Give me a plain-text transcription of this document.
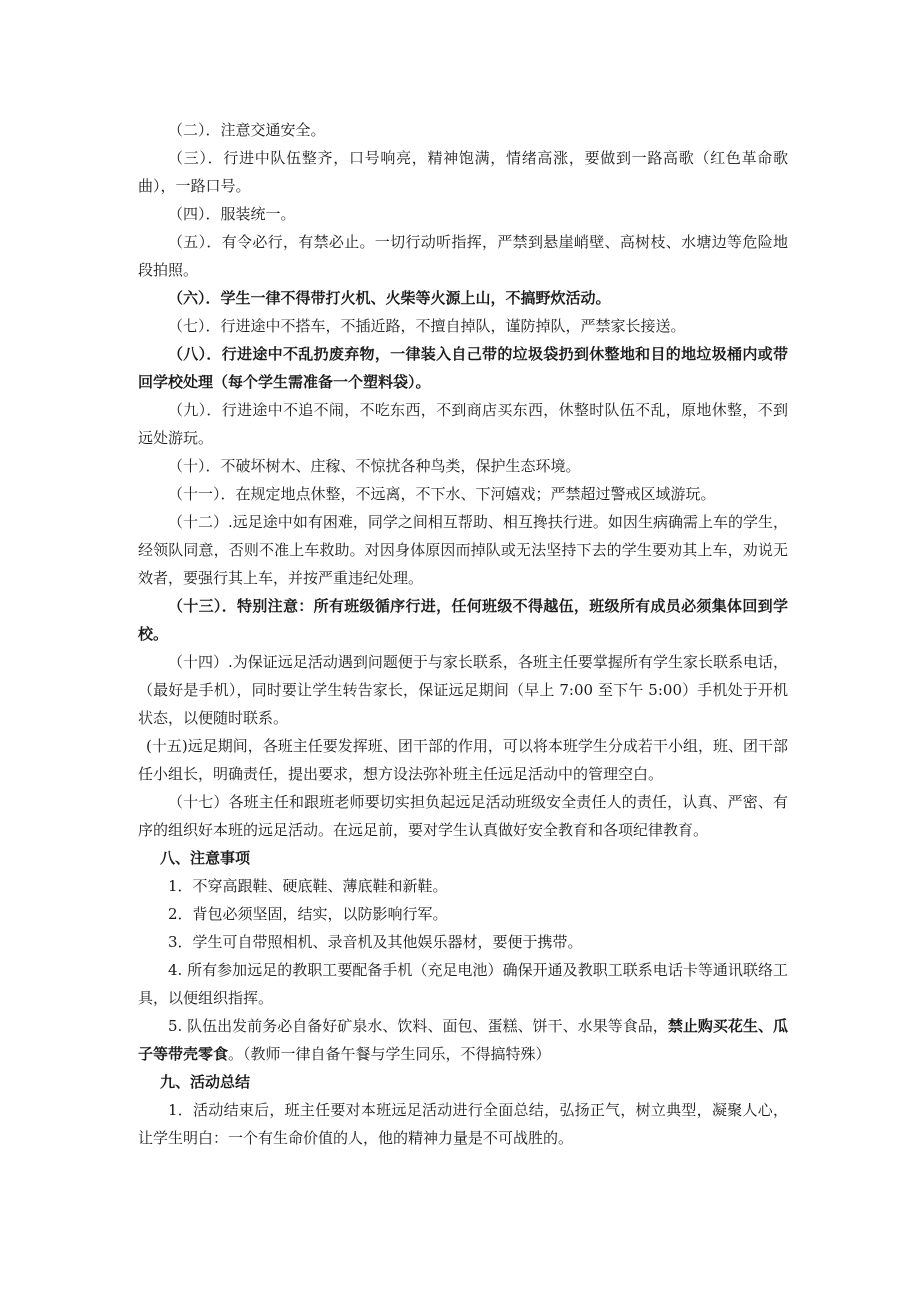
（二）．注意交通安全。

（三）．行进中队伍整齐，口号响亮，精神饱满，情绪高涨，要做到一路高歌（红色革命歌曲），一路口号。

（四）．服装统一。

（五）．有令必行，有禁必止。一切行动听指挥，严禁到悬崖峭壁、高树枝、水塘边等危险地段拍照。

（六）．学生一律不得带打火机、火柴等火源上山，不搞野炊活动。

（七）．行进途中不搭车，不插近路，不擅自掉队，谨防掉队，严禁家长接送。

（八）．行进途中不乱扔废弃物，一律装入自己带的垃圾袋扔到休整地和目的地垃圾桶内或带回学校处理（每个学生需准备一个塑料袋）。

（九）．行进途中不追不闹，不吃东西，不到商店买东西，休整时队伍不乱，原地休整，不到远处游玩。

（十）．不破坏树木、庄稼、不惊扰各种鸟类，保护生态环境。

（十一）．在规定地点休整，不远离，不下水、下河嬉戏；严禁超过警戒区域游玩。

（十二）.远足途中如有困难，同学之间相互帮助、相互搀扶行进。如因生病确需上车的学生，经领队同意，否则不准上车救助。对因身体原因而掉队或无法坚持下去的学生要劝其上车，劝说无效者，要强行其上车，并按严重违纪处理。

（十三）．特别注意：所有班级循序行进，任何班级不得越伍，班级所有成员必须集体回到学校。

（十四）.为保证远足活动遇到问题便于与家长联系，各班主任要掌握所有学生家长联系电话，（最好是手机），同时要让学生转告家长，保证远足期间（早上 7:00 至下午 5:00）手机处于开机状态，以便随时联系。

(十五)远足期间，各班主任要发挥班、团干部的作用，可以将本班学生分成若干小组，班、团干部任小组长，明确责任，提出要求，想方设法弥补班主任远足活动中的管理空白。

（十七）各班主任和跟班老师要切实担负起远足活动班级安全责任人的责任，认真、严密、有序的组织好本班的远足活动。在远足前，要对学生认真做好安全教育和各项纪律教育。

八、注意事项

1．不穿高跟鞋、硬底鞋、薄底鞋和新鞋。

2．背包必须坚固，结实，以防影响行军。

3．学生可自带照相机、录音机及其他娱乐器材，要便于携带。

4. 所有参加远足的教职工要配备手机（充足电池）确保开通及教职工联系电话卡等通讯联络工具，以便组织指挥。

5. 队伍出发前务必自备好矿泉水、饮料、面包、蛋糕、饼干、水果等食品，禁止购买花生、瓜子等带壳零食。（教师一律自备午餐与学生同乐，不得搞特殊）

九、活动总结

1．活动结束后，班主任要对本班远足活动进行全面总结，弘扬正气，树立典型，凝聚人心，让学生明白：一个有生命价值的人，他的精神力量是不可战胜的。
